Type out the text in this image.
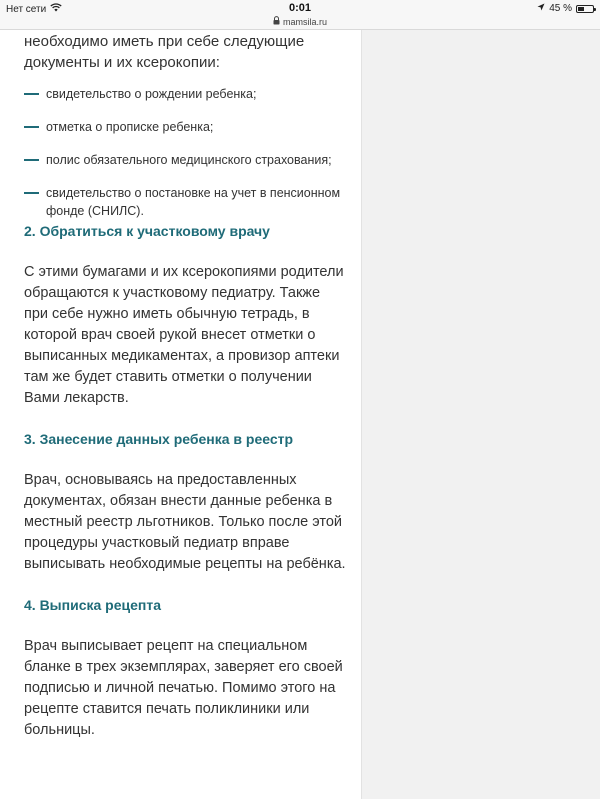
Нет сети	0:01
mamsila.ru
45 %

необходимо иметь при себе следующие документы и их ксерокопии:

свидетельство о рождении ребенка;
отметка о прописке ребенка;
полис обязательного медицинского страхования;
свидетельство о постановке на учет в пенсионном фонде (СНИЛС).
2. Обратиться к участковому врачу

С этими бумагами и их ксерокопиями родители обращаются к участковому педиатру. Также при себе нужно иметь обычную тетрадь, в которой врач своей рукой внесет отметки о выписанных медикаментах, а провизор аптеки там же будет ставить отметки о получении Вами лекарств.

3. Занесение данных ребенка в реестр

Врач, основываясь на предоставленных документах, обязан внести данные ребенка в местный реестр льготников. Только после этой процедуры участковый педиатр вправе выписывать необходимые рецепты на ребёнка.

4. Выписка рецепта

Врач выписывает рецепт на специальном бланке в трех экземплярах, заверяет его своей подписью и личной печатью. Помимо этого на рецепте ставится печать поликлиники или больницы.
